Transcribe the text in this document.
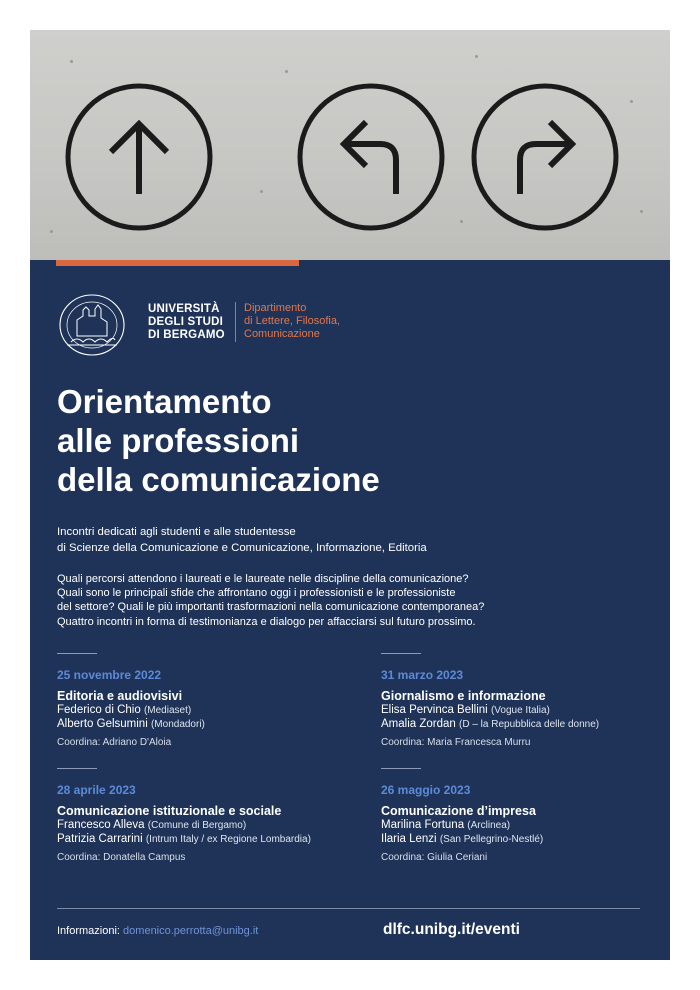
UNIVERSITÀ
DEGLI STUDI
DI BERGAMO
Dipartimento
di Lettere, Filosofia,
Comunicazione
Orientamento
alle professioni
della comunicazione
Incontri dedicati agli studenti e alle studentesse
di Scienze della Comunicazione e Comunicazione, Informazione, Editoria
Quali percorsi attendono i laureati e le laureate nelle discipline della comunicazione?
Quali sono le principali sfide che affrontano oggi i professionisti e le professioniste
del settore? Quali le più importanti trasformazioni nella comunicazione contemporanea?
Quattro incontri in forma di testimonianza e dialogo per affacciarsi sul futuro prossimo.
25 novembre 2022
Editoria e audiovisivi
Federico di Chio (Mediaset)
Alberto Gelsumini (Mondadori)
Coordina: Adriano D'Aloia
31 marzo 2023
Giornalismo e informazione
Elisa Pervinca Bellini (Vogue Italia)
Amalia Zordan (D – la Repubblica delle donne)
Coordina: Maria Francesca Murru
28 aprile 2023
Comunicazione istituzionale e sociale
Francesco Alleva (Comune di Bergamo)
Patrizia Carrarini (Intrum Italy / ex Regione Lombardia)
Coordina: Donatella Campus
26 maggio 2023
Comunicazione d’impresa
Marilina Fortuna (Arclinea)
Ilaria Lenzi (San Pellegrino-Nestlé)
Coordina: Giulia Ceriani
Informazioni: domenico.perrotta@unibg.it	dlfc.unibg.it/eventi
